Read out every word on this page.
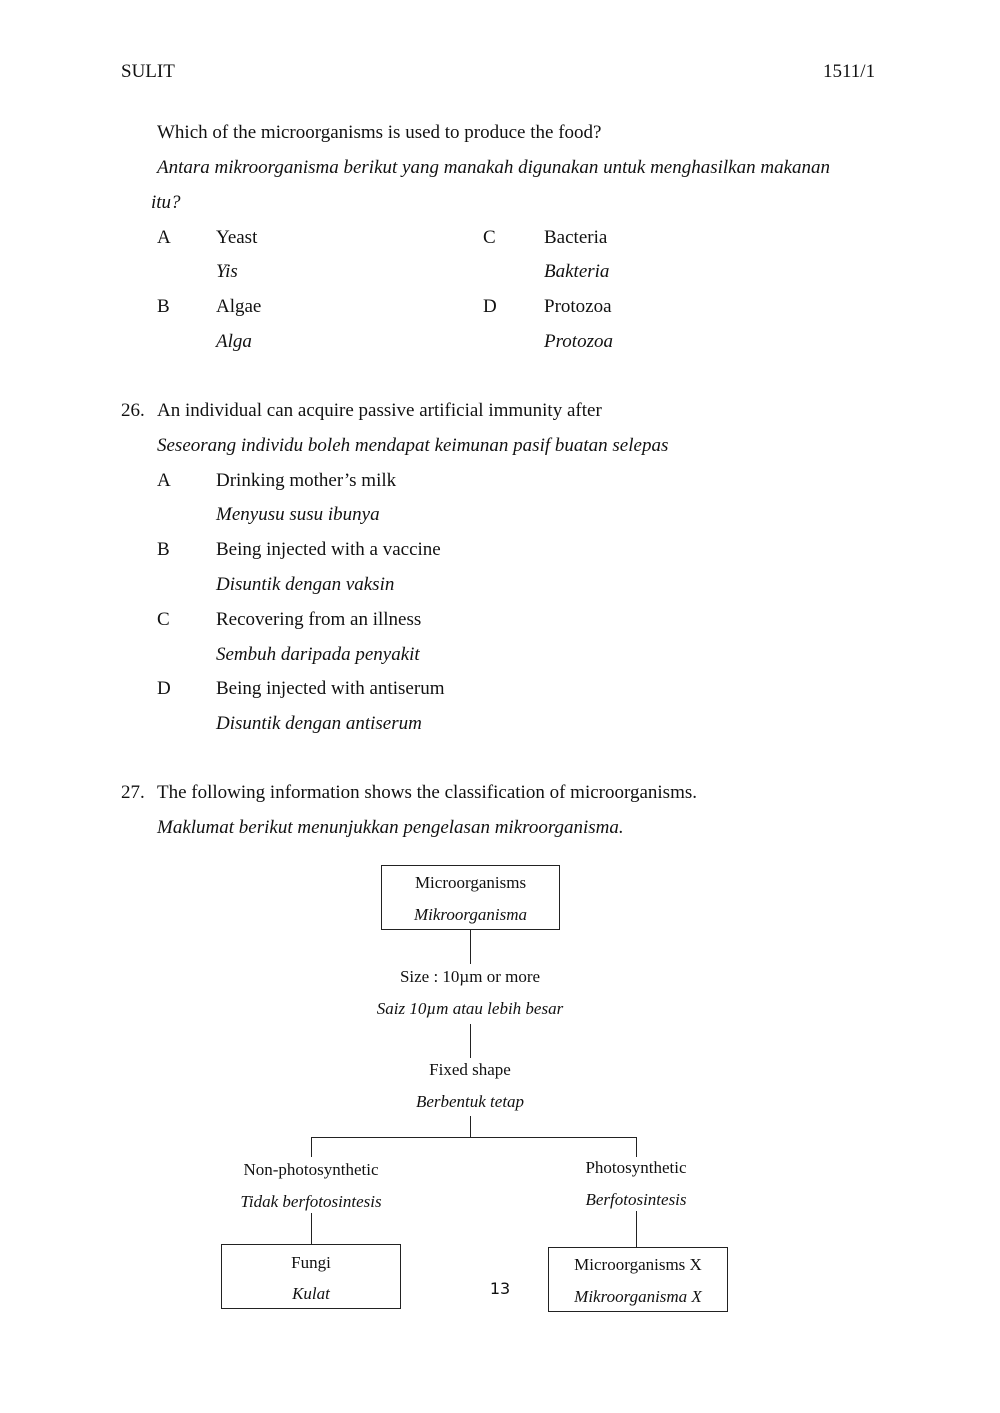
SULIT	1511/1
Which of the microorganisms is used to produce the food?
Antara mikroorganisma berikut yang manakah digunakan untuk menghasilkan makanan
itu?
A Yeast
Yis
C	Bacteria
Bakteria
B Algae
Alga
D Protozoa
Protozoa
26. An individual can acquire passive artificial immunity after
Seseorang individu boleh mendapat keimunan pasif buatan selepas
A Drinking mother’s milk
Menyusu susu ibunya
B Being injected with a vaccine
Disuntik dengan vaksin
C Recovering from an illness
Sembuh daripada penyakit
D Being injected with antiserum
Disuntik dengan antiserum
27. The following information shows the classification of microorganisms.
Maklumat berikut menunjukkan pengelasan mikroorganisma.
Microorganisms
Mikroorganisma
Size : 10µm or more
Saiz 10µm atau lebih besar
Fixed shape
Berbentuk tetap
Non-photosynthetic
Tidak berfotosintesis
Photosynthetic
Berfotosintesis
Fungi
Kulat
Microorganisms X
Mikroorganisma X
13
